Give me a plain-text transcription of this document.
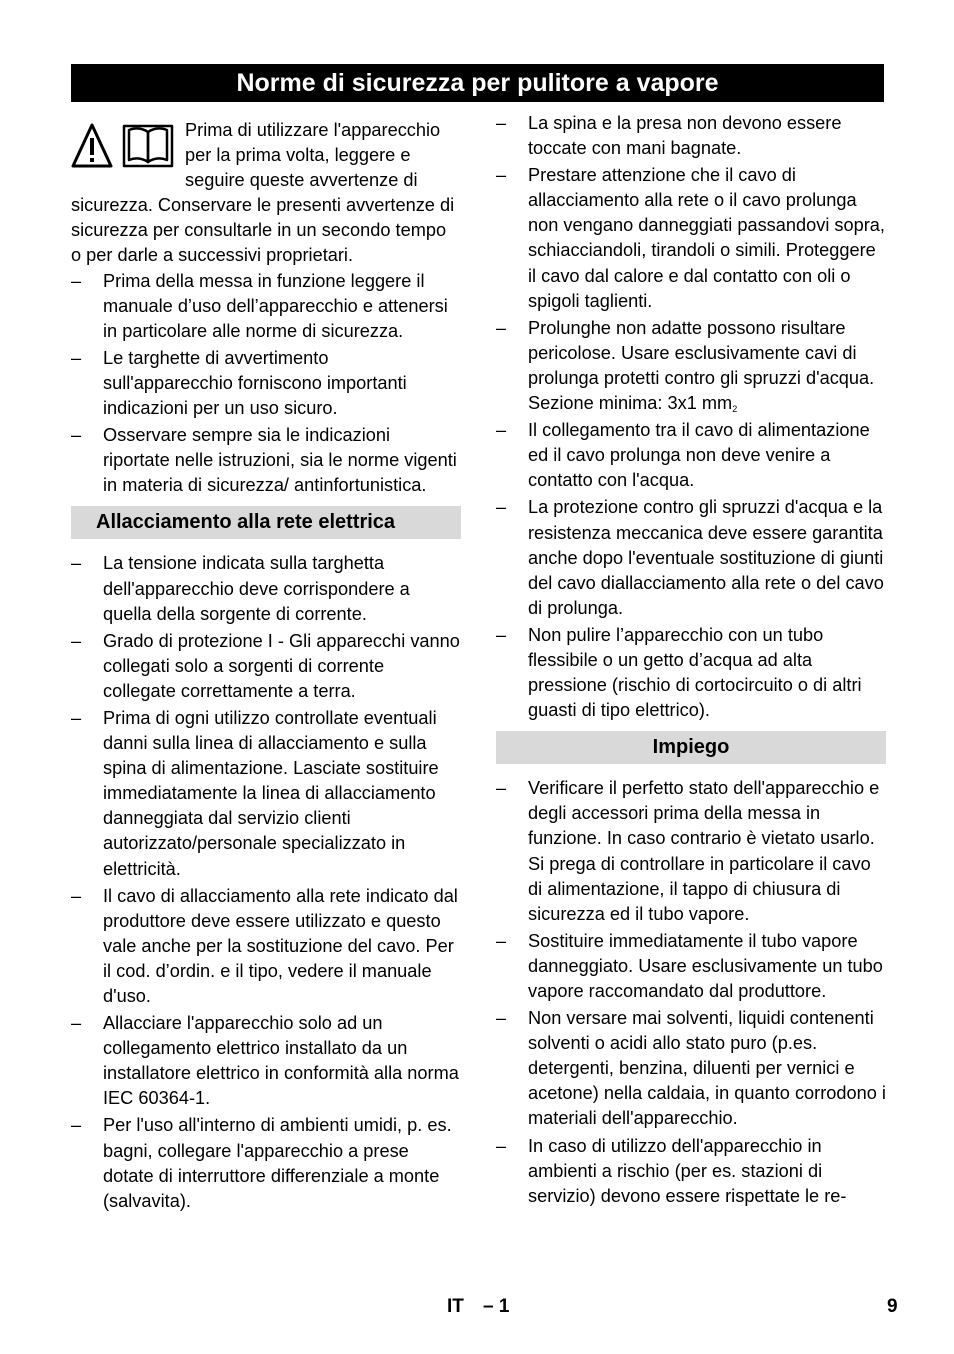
Norme di sicurezza per pulitore a vapore

Prima di utilizzare l'apparecchio per la prima volta, leggere e seguire queste avvertenze di sicurezza. Conservare le presenti avvertenze di sicurezza per consultarle in un secondo tempo o per darle a successivi proprietari.

– Prima della messa in funzione leggere il manuale d’uso dell’apparecchio e attenersi in particolare alle norme di sicurezza.
– Le targhette di avvertimento sull'apparecchio forniscono importanti indicazioni per un uso sicuro.
– Osservare sempre sia le indicazioni riportate nelle istruzioni, sia le norme vigenti in materia di sicurezza/ antinfortunistica.
Allacciamento alla rete elettrica
– La tensione indicata sulla targhetta dell'apparecchio deve corrispondere a quella della sorgente di corrente.
– Grado di protezione I - Gli apparecchi vanno collegati solo a sorgenti di corrente collegate correttamente a terra.
– Prima di ogni utilizzo controllate eventuali danni sulla linea di allacciamento e sulla spina di alimentazione. Lasciate sostituire immediatamente la linea di allacciamento danneggiata dal servizio clienti autorizzato/personale specializzato in elettricità.
– Il cavo di allacciamento alla rete indicato dal produttore deve essere utilizzato e questo vale anche per la sostituzione del cavo. Per il cod. d’ordin. e il tipo, vedere il manuale d'uso.
– Allacciare l'apparecchio solo ad un collegamento elettrico installato da un installatore elettrico in conformità alla norma IEC 60364-1.
– Per l'uso all'interno di ambienti umidi, p. es. bagni, collegare l'apparecchio a prese dotate di interruttore differenziale a monte (salvavita).
– La spina e la presa non devono essere toccate con mani bagnate.
– Prestare attenzione che il cavo di allacciamento alla rete o il cavo prolunga non vengano danneggiati passandovi sopra, schiacciandoli, tirandoli o simili. Proteggere il cavo dal calore e dal contatto con oli o spigoli taglienti.
– Prolunghe non adatte possono risultare pericolose. Usare esclusivamente cavi di prolunga protetti contro gli spruzzi d'acqua. Sezione minima: 3x1 $mm^2$
– Il collegamento tra il cavo di alimentazione ed il cavo prolunga non deve venire a contatto con l'acqua.
– La protezione contro gli spruzzi d'acqua e la resistenza meccanica deve essere garantita anche dopo l'eventuale sostituzione di giunti del cavo diallacciamento alla rete o del cavo di prolunga.
– Non pulire l’apparecchio con un tubo flessibile o un getto d’acqua ad alta pressione (rischio di cortocircuito o di altri guasti di tipo elettrico).
Impiego
– Verificare il perfetto stato dell'apparecchio e degli accessori prima della messa in funzione. In caso contrario è vietato usarlo. Si prega di controllare in particolare il cavo di alimentazione, il tappo di chiusura di sicurezza ed il tubo vapore.
– Sostituire immediatamente il tubo vapore danneggiato. Usare esclusivamente un tubo vapore raccomandato dal produttore.
– Non versare mai solventi, liquidi contenenti solventi o acidi allo stato puro (p.es. detergenti, benzina, diluenti per vernici e acetone) nella caldaia, in quanto corrodono i materiali dell'apparecchio.
– In caso di utilizzo dell'apparecchio in ambienti a rischio (per es. stazioni di servizio) devono essere rispettate le re-
IT – 1	9
